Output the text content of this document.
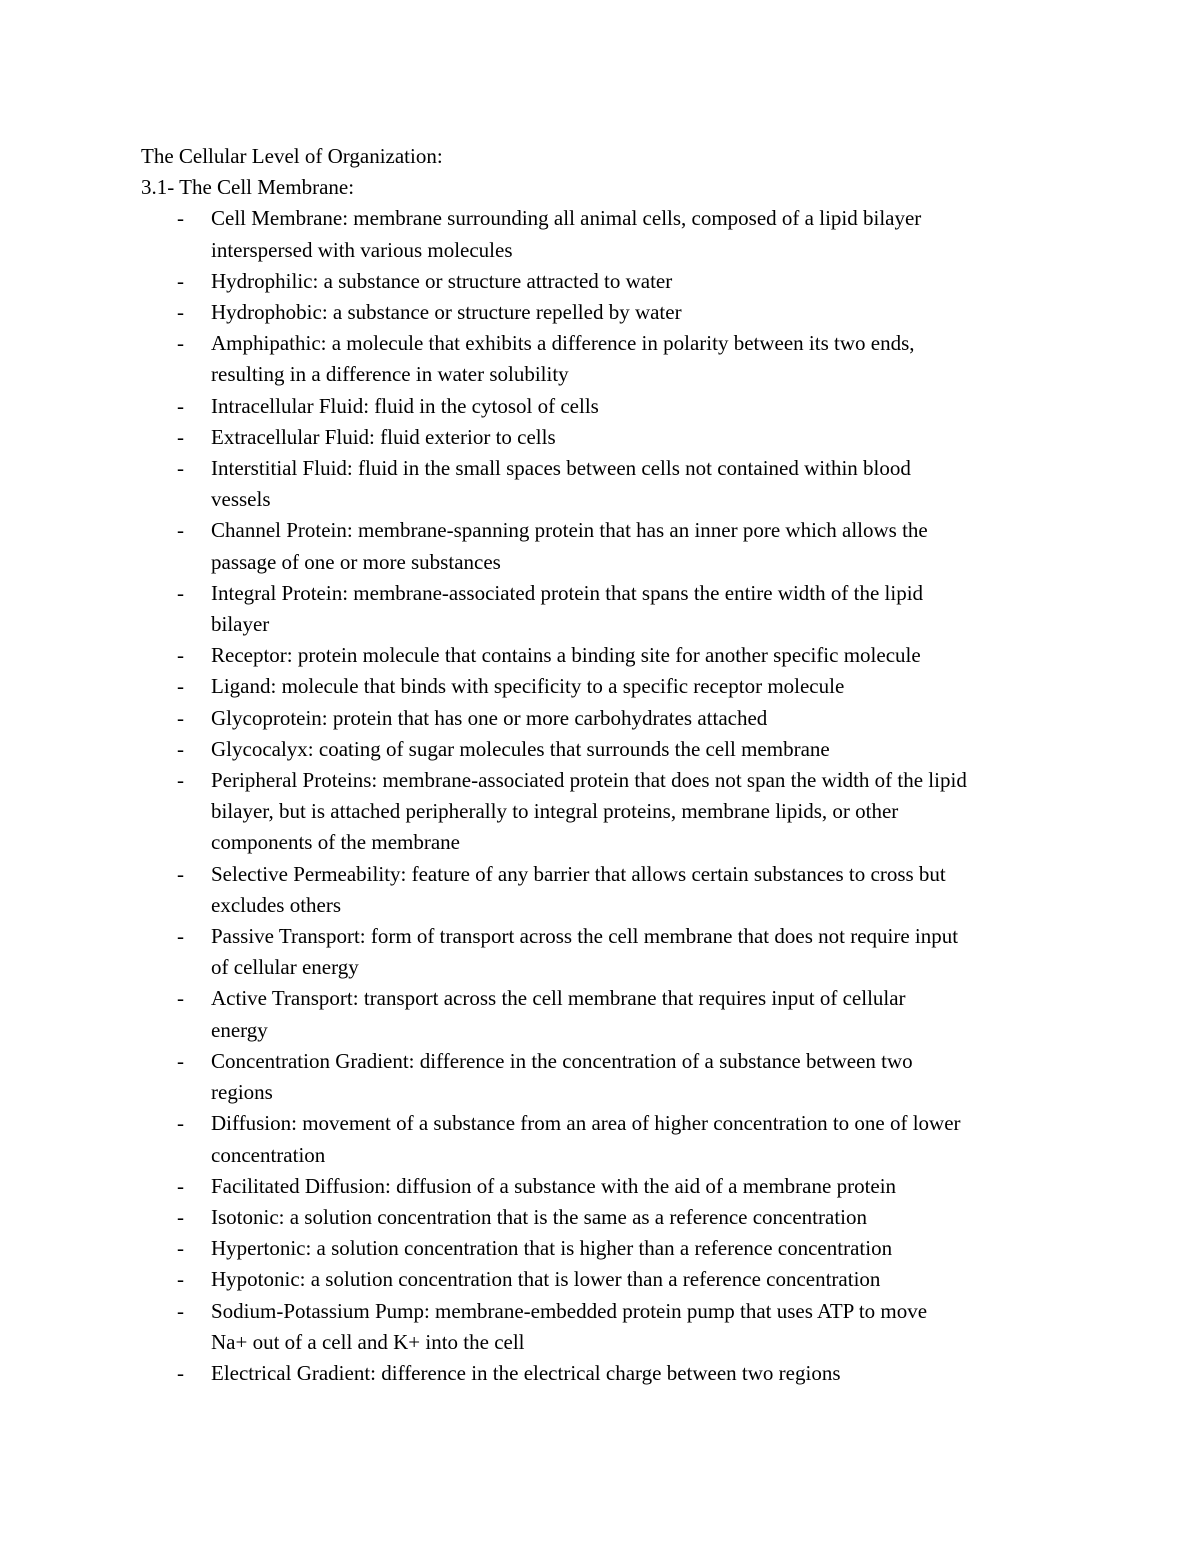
The Cellular Level of Organization:

3.1- The Cell Membrane:

- Cell Membrane: membrane surrounding all animal cells, composed of a lipid bilayer
interspersed with various molecules
- Hydrophilic: a substance or structure attracted to water
- Hydrophobic: a substance or structure repelled by water
- Amphipathic: a molecule that exhibits a difference in polarity between its two ends,
resulting in a difference in water solubility
- Intracellular Fluid: fluid in the cytosol of cells
- Extracellular Fluid: fluid exterior to cells
- Interstitial Fluid: fluid in the small spaces between cells not contained within blood
vessels
- Channel Protein: membrane-spanning protein that has an inner pore which allows the
passage of one or more substances
- Integral Protein: membrane-associated protein that spans the entire width of the lipid
bilayer
- Receptor: protein molecule that contains a binding site for another specific molecule
- Ligand: molecule that binds with specificity to a specific receptor molecule
- Glycoprotein: protein that has one or more carbohydrates attached
- Glycocalyx: coating of sugar molecules that surrounds the cell membrane
- Peripheral Proteins: membrane-associated protein that does not span the width of the lipid
bilayer, but is attached peripherally to integral proteins, membrane lipids, or other
components of the membrane
- Selective Permeability: feature of any barrier that allows certain substances to cross but
excludes others
- Passive Transport: form of transport across the cell membrane that does not require input
of cellular energy
- Active Transport: transport across the cell membrane that requires input of cellular
energy
- Concentration Gradient: difference in the concentration of a substance between two
regions
- Diffusion: movement of a substance from an area of higher concentration to one of lower
concentration
- Facilitated Diffusion: diffusion of a substance with the aid of a membrane protein
- Isotonic: a solution concentration that is the same as a reference concentration
- Hypertonic: a solution concentration that is higher than a reference concentration
- Hypotonic: a solution concentration that is lower than a reference concentration
- Sodium-Potassium Pump: membrane-embedded protein pump that uses ATP to move
Na+ out of a cell and K+ into the cell
- Electrical Gradient: difference in the electrical charge between two regions
